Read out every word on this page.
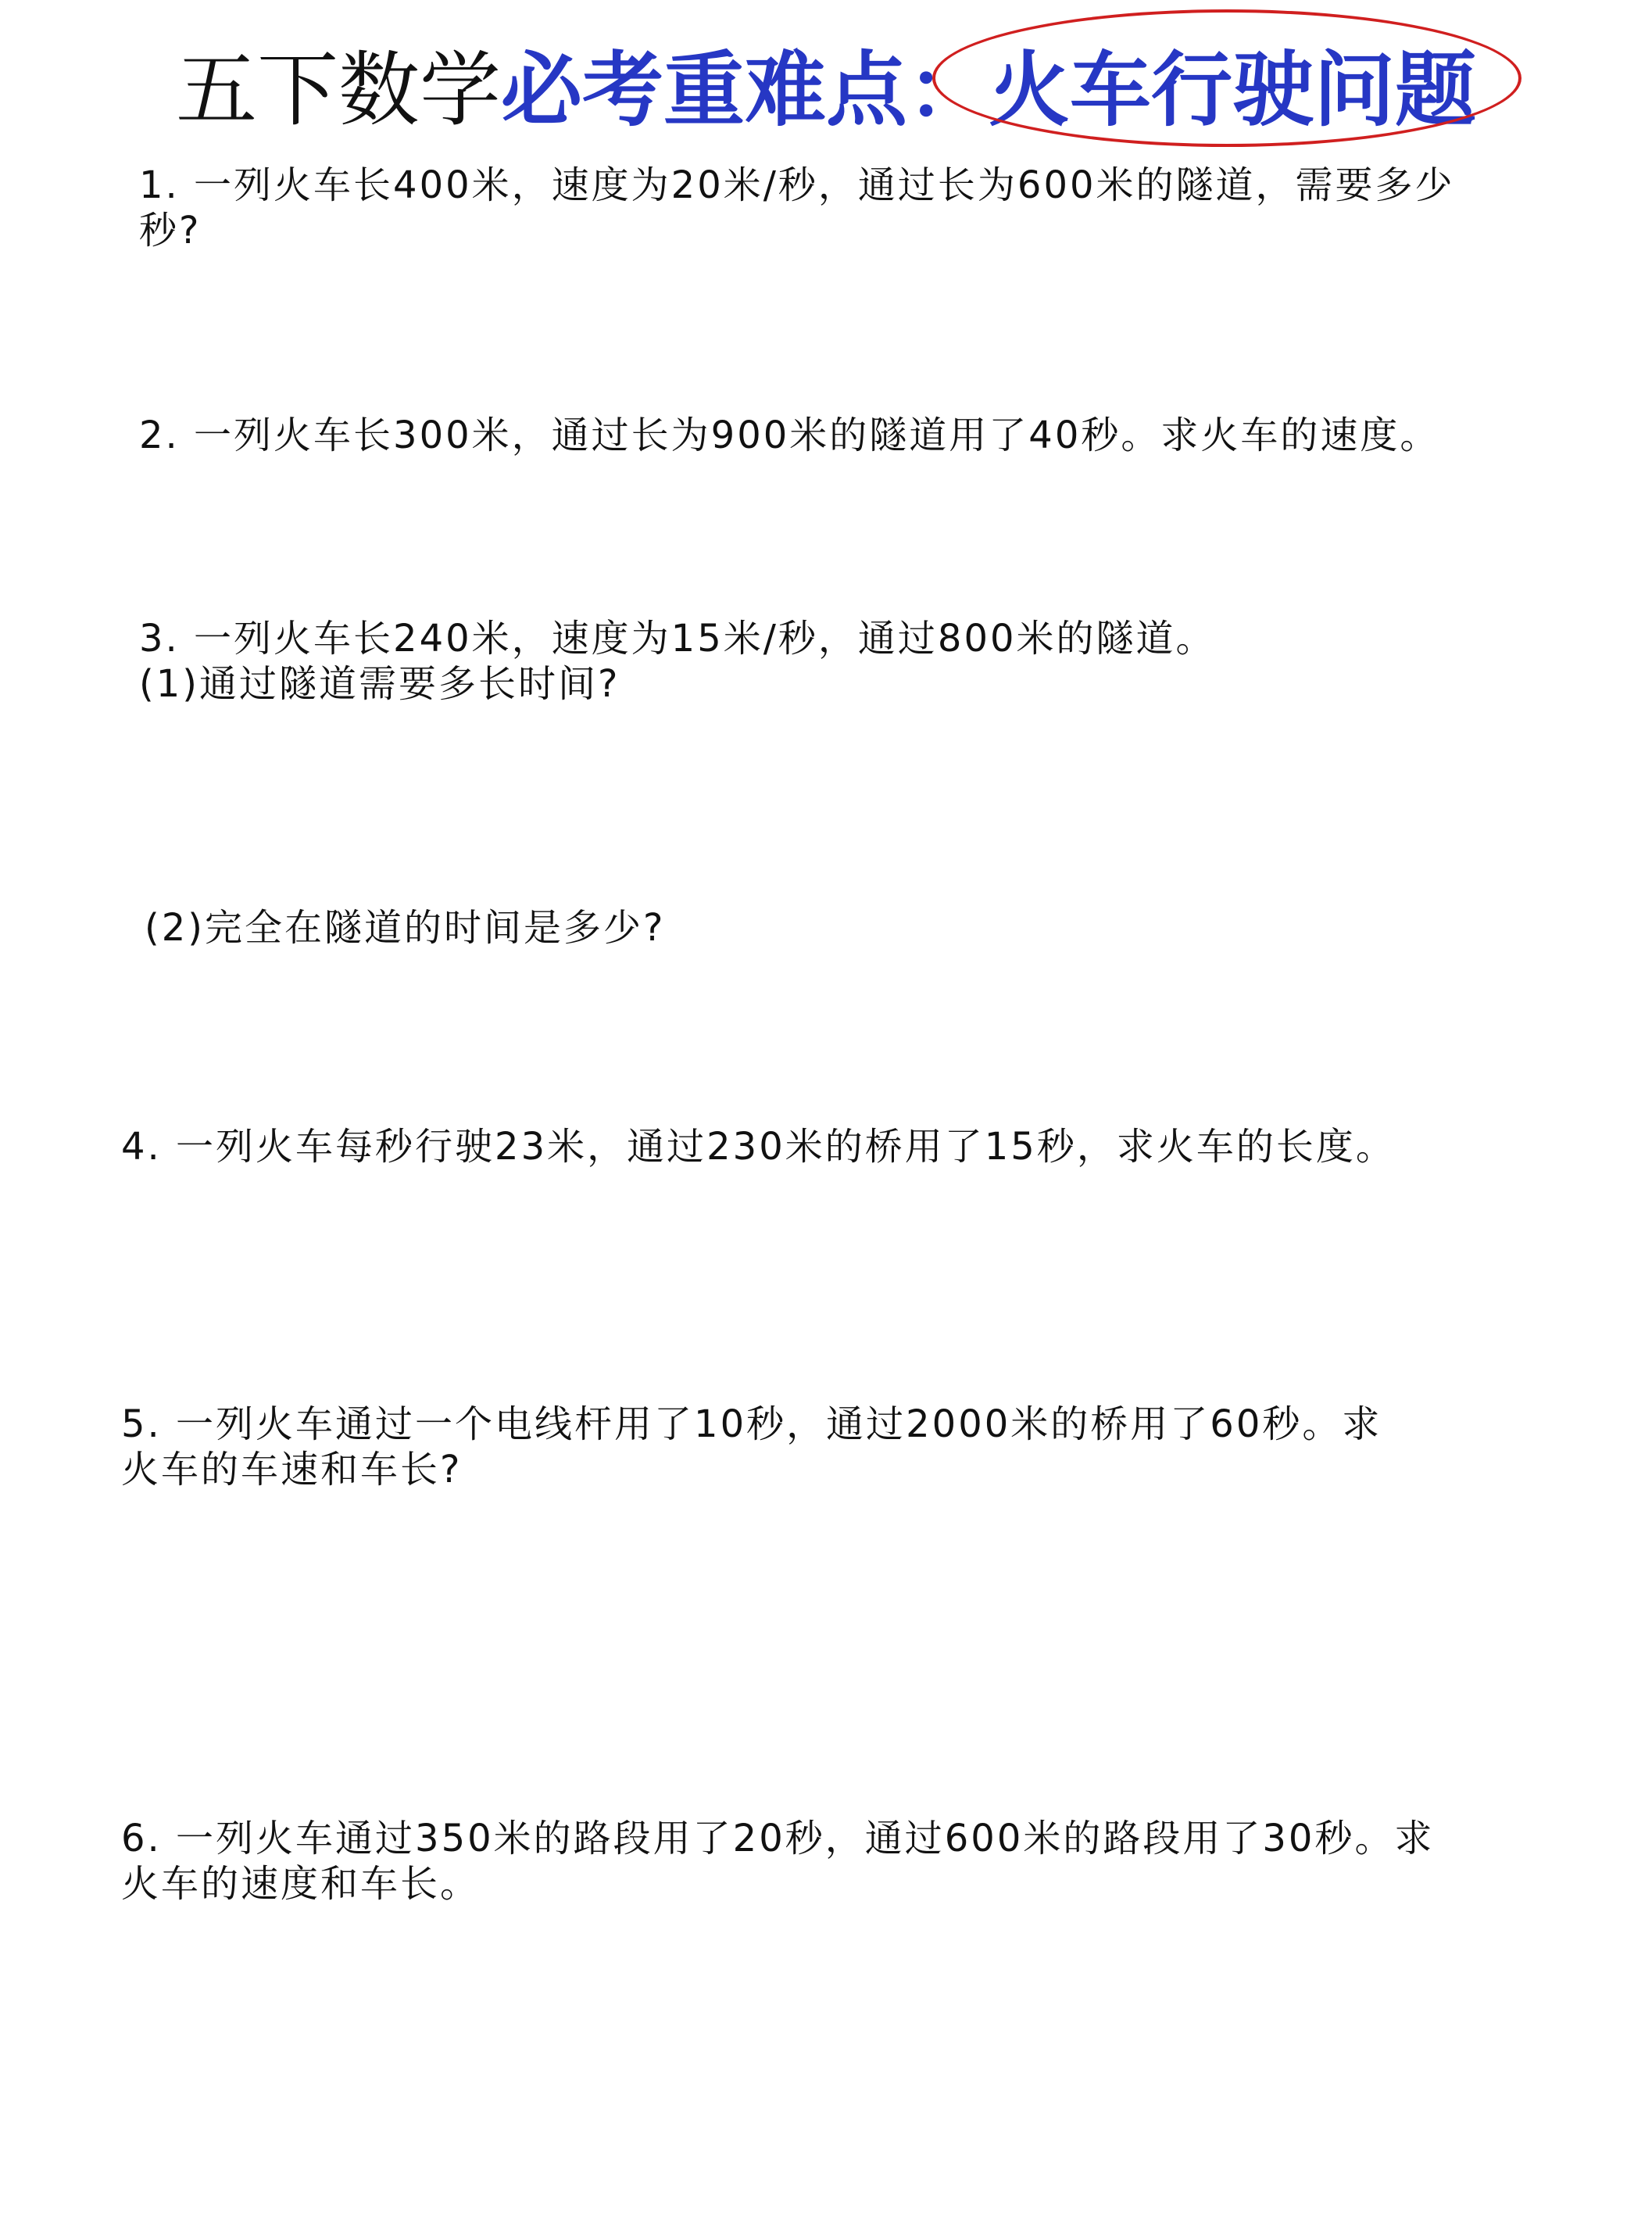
五下数学必考重难点：火车行驶问题

1. 一列火车长400米，速度为20米/秒，通过长为600米的隧道，需要多少

秒?

2. 一列火车长300米，通过长为900米的隧道用了40秒。求火车的速度。

3. 一列火车长240米，速度为15米/秒，通过800米的隧道。

(1)通过隧道需要多长时间?

(2)完全在隧道的时间是多少?

4. 一列火车每秒行驶23米，通过230米的桥用了15秒，求火车的长度。

5. 一列火车通过一个电线杆用了10秒，通过2000米的桥用了60秒。求

火车的车速和车长?

6. 一列火车通过350米的路段用了20秒，通过600米的路段用了30秒。求

火车的速度和车长。
